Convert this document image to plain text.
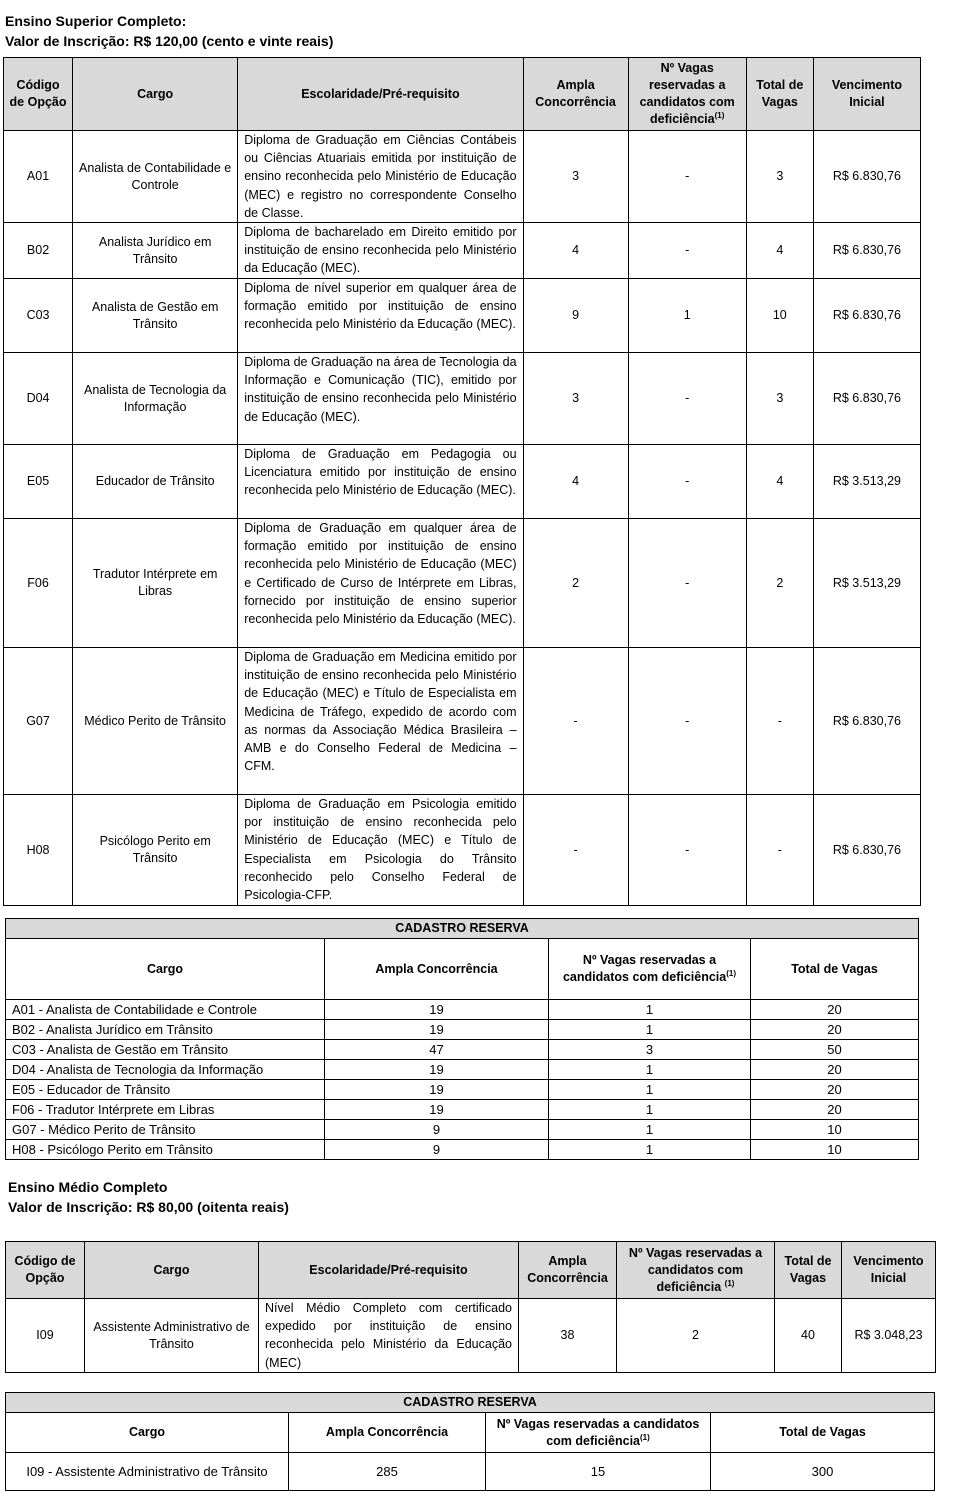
Ensino Superior Completo:
Valor de Inscrição: R$ 120,00 (cento e vinte reais)
Código de Opção	Cargo	Escolaridade/Pré-requisito	Ampla Concorrência	Nº Vagas reservadas a candidatos com deficiência$^{(1)}$	Total de Vagas	Vencimento Inicial
A01	Analista de Contabilidade e Controle	Diploma de Graduação em Ciências Contábeis ou Ciências Atuariais emitida por instituição de ensino reconhecida pelo Ministério de Educação (MEC) e registro no correspondente Conselho de Classe.	3	-	3	R$ 6.830,76
B02	Analista Jurídico em Trânsito	Diploma de bacharelado em Direito emitido por instituição de ensino reconhecida pelo Ministério da Educação (MEC).	4	-	4	R$ 6.830,76
C03	Analista de Gestão em Trânsito	Diploma de nível superior em qualquer área de formação emitido por instituição de ensino reconhecida pelo Ministério da Educação (MEC).	9	1	10	R$ 6.830,76
D04	Analista de Tecnologia da Informação	Diploma de Graduação na área de Tecnologia da Informação e Comunicação (TIC), emitido por instituição de ensino reconhecida pelo Ministério de Educação (MEC).	3	-	3	R$ 6.830,76
E05	Educador de Trânsito	Diploma de Graduação em Pedagogia ou Licenciatura emitido por instituição de ensino reconhecida pelo Ministério de Educação (MEC).	4	-	4	R$ 3.513,29
F06	Tradutor Intérprete em Libras	Diploma de Graduação em qualquer área de formação emitido por instituição de ensino reconhecida pelo Ministério de Educação (MEC) e Certificado de Curso de Intérprete em Libras, fornecido por instituição de ensino superior reconhecida pelo Ministério da Educação (MEC).	2	-	2	R$ 3.513,29
G07	Médico Perito de Trânsito	Diploma de Graduação em Medicina emitido por instituição de ensino reconhecida pelo Ministério de Educação (MEC) e Título de Especialista em Medicina de Tráfego, expedido de acordo com as normas da Associação Médica Brasileira – AMB e do Conselho Federal de Medicina – CFM.	-	-	-	R$ 6.830,76
H08	Psicólogo Perito em Trânsito	Diploma de Graduação em Psicologia emitido por instituição de ensino reconhecida pelo Ministério de Educação (MEC) e Título de Especialista em Psicologia do Trânsito reconhecido pelo Conselho Federal de Psicologia-CFP.	-	-	-	R$ 6.830,76
CADASTRO RESERVA			
Cargo	Ampla Concorrência	Nº Vagas reservadas a candidatos com deficiência$^{(1)}$	Total de Vagas
A01 - Analista de Contabilidade e Controle	19	1	20
B02 - Analista Jurídico em Trânsito	19	1	20
C03 - Analista de Gestão em Trânsito	47	3	50
D04 - Analista de Tecnologia da Informação	19	1	20
E05 - Educador de Trânsito	19	1	20
F06 - Tradutor Intérprete em Libras	19	1	20
G07 - Médico Perito de Trânsito	9	1	10
H08 - Psicólogo Perito em Trânsito	9	1	10
Ensino Médio Completo
Valor de Inscrição: R$ 80,00 (oitenta reais)
Código de Opção	Cargo	Escolaridade/Pré-requisito	Ampla Concorrência	Nº Vagas reservadas a candidatos com deficiência $^{(1)}$	Total de Vagas	Vencimento Inicial
I09	Assistente Administrativo de Trânsito	Nível Médio Completo com certificado expedido por instituição de ensino reconhecida pelo Ministério da Educação (MEC)	38	2	40	R$ 3.048,23
CADASTRO RESERVA			
Cargo	Ampla Concorrência	Nº Vagas reservadas a candidatos com deficiência$^{(1)}$	Total de Vagas
I09 - Assistente Administrativo de Trânsito	285	15	300
